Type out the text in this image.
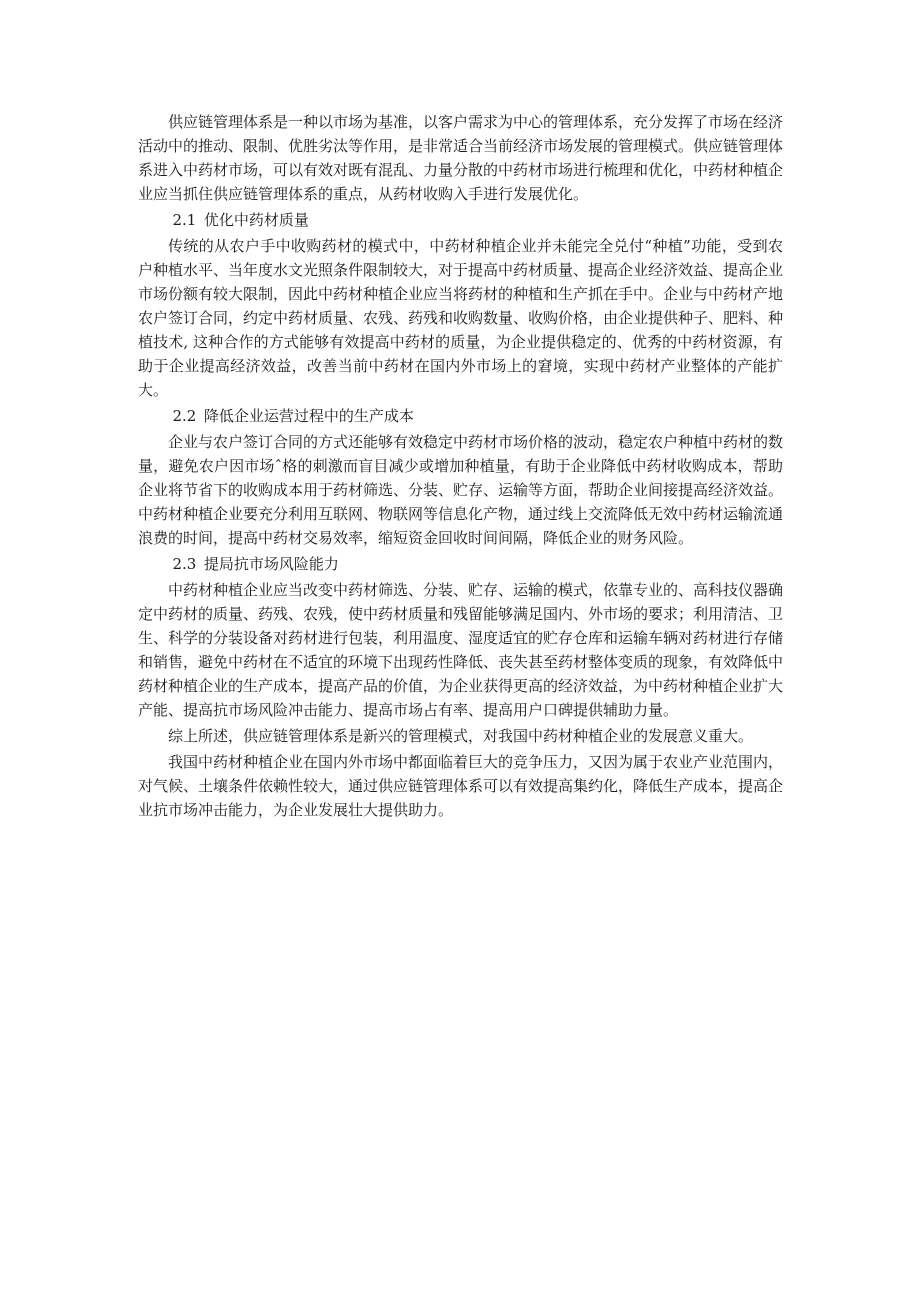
供应链管理体系是一种以市场为基准，以客户需求为中心的管理体系，充分发挥了市场在经济活动中的推动、限制、优胜劣汰等作用，是非常适合当前经济市场发展的管理模式。供应链管理体系进入中药材市场，可以有效对既有混乱、力量分散的中药材市场进行梳理和优化，中药材种植企业应当抓住供应链管理体系的重点，从药材收购入手进行发展优化。

2.1 优化中药材质量

传统的从农户手中收购药材的模式中，中药材种植企业并未能完全兑付“种植”功能，受到农户种植水平、当年度水文光照条件限制较大，对于提高中药材质量、提高企业经济效益、提高企业市场份额有较大限制，因此中药材种植企业应当将药材的种植和生产抓在手中。企业与中药材产地农户签订合同，约定中药材质量、农残、药残和收购数量、收购价格，由企业提供种子、肥料、种植技术, 这种合作的方式能够有效提高中药材的质量，为企业提供稳定的、优秀的中药材资源，有助于企业提高经济效益，改善当前中药材在国内外市场上的窘境，实现中药材产业整体的产能扩大。

2.2 降低企业运营过程中的生产成本

企业与农户签订合同的方式还能够有效稳定中药材市场价格的波动，稳定农户种植中药材的数量，避免农户因市场ˆ格的刺激而盲目减少或增加种植量，有助于企业降低中药材收购成本，帮助企业将节省下的收购成本用于药材筛选、分装、贮存、运输等方面，帮助企业间接提高经济效益。中药材种植企业要充分利用互联网、物联网等信息化产物，通过线上交流降低无效中药材运输流通浪费的时间，提高中药材交易效率，缩短资金回收时间间隔，降低企业的财务风险。

2.3 提局抗市场风险能力

中药材种植企业应当改变中药材筛选、分装、贮存、运输的模式，依靠专业的、高科技仪器确定中药材的质量、药残、农残，使中药材质量和残留能够满足国内、外市场的要求；利用清洁、卫生、科学的分装设备对药材进行包装，利用温度、湿度适宜的贮存仓库和运输车辆对药材进行存储和销售，避免中药材在不适宜的环境下出现药性降低、丧失甚至药材整体变质的现象，有效降低中药材种植企业的生产成本，提高产品的价值，为企业获得更高的经济效益，为中药材种植企业扩大产能、提高抗市场风险冲击能力、提高市场占有率、提高用户口碑提供辅助力量。

综上所述，供应链管理体系是新兴的管理模式，对我国中药材种植企业的发展意义重大。

我国中药材种植企业在国内外市场中都面临着巨大的竞争压力，又因为属于农业产业范围内，对气候、土壤条件依赖性较大，通过供应链管理体系可以有效提高集约化，降低生产成本，提高企业抗市场冲击能力，为企业发展壮大提供助力。
